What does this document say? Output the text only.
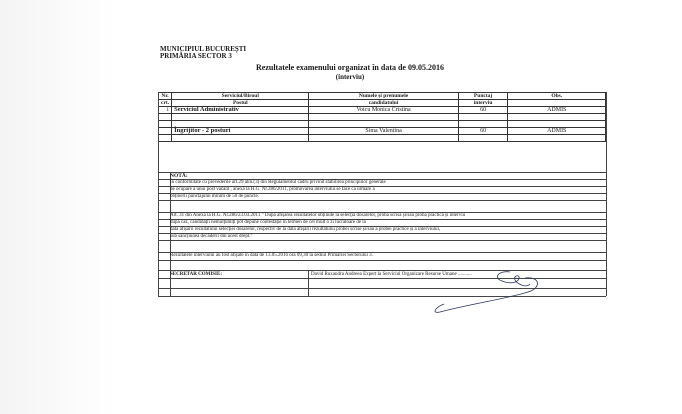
MUNICIPIUL BUCUREȘTI
PRIMĂRIA SECTOR 3
Rezultatele examenului organizat în data de 09.05.2016
(interviu)
Nr.	Serviciul/Biroul	Numele și prenumele	Punctaj	Obs.
crt.	Postul	candidatului	interviu	
1	Serviciul Administrativ	Voicu Monica Cristina	60	ADMIS

	Îngrijitor - 2 posturi	Sima Valentina	60	ADMIS

NOTĂ:
În conformitate cu prevederile art.29 alin.(3) din Regulamentul cadru privind stabilirea principiilor generale
de ocupare a unui post vacant , anexă la H.G. Nr.286/2011, promovarea interviului se face ca urmare a
obținerii punctajului minim de 50 de puncte.
Art. 31 din Anexa la H.G. Nr.286/23.03.2011 " După afișarea rezultatelor obținute la selecția dosarelor, proba scrisă și/sau proba practică și interviu
după caz, candidații nemulțumiți pot depune contestație în termen de cel mult o zi lucrătoare de la
data afișării rezultatului selecției dosarelor, respectiv de la data afișării rezultatului probei scrise și/sau a probei practice și a interviului,
sub sancțiunea decăderii din acest drept."
Rezultatele interviului au fost afișate în data de 13.05.2016 ora 09,30 la sediul Primăriei Sectorului 3.
SECRETAR COMISIE:	David Ruxandra Andreea Expert la Serviciul Organizare Resurse Umane ...........
